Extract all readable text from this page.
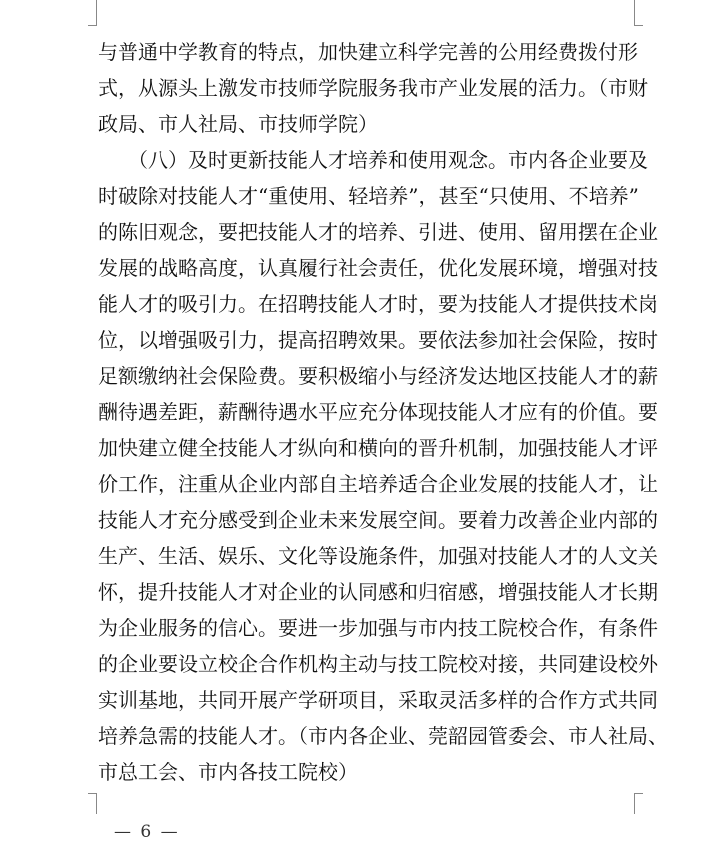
与普通中学教育的特点，加快建立科学完善的公用经费拨付形
式，从源头上激发市技师学院服务我市产业发展的活力。（市财
政局、市人社局、市技师学院）
　　（八）及时更新技能人才培养和使用观念。市内各企业要及
时破除对技能人才“重使用、轻培养”，甚至“只使用、不培养”
的陈旧观念，要把技能人才的培养、引进、使用、留用摆在企业
发展的战略高度，认真履行社会责任，优化发展环境，增强对技
能人才的吸引力。在招聘技能人才时，要为技能人才提供技术岗
位，以增强吸引力，提高招聘效果。要依法参加社会保险，按时
足额缴纳社会保险费。要积极缩小与经济发达地区技能人才的薪
酬待遇差距，薪酬待遇水平应充分体现技能人才应有的价值。要
加快建立健全技能人才纵向和横向的晋升机制，加强技能人才评
价工作，注重从企业内部自主培养适合企业发展的技能人才，让
技能人才充分感受到企业未来发展空间。要着力改善企业内部的
生产、生活、娱乐、文化等设施条件，加强对技能人才的人文关
怀，提升技能人才对企业的认同感和归宿感，增强技能人才长期
为企业服务的信心。要进一步加强与市内技工院校合作，有条件
的企业要设立校企合作机构主动与技工院校对接，共同建设校外
实训基地，共同开展产学研项目，采取灵活多样的合作方式共同
培养急需的技能人才。（市内各企业、莞韶园管委会、市人社局、
市总工会、市内各技工院校）
— 6 —
